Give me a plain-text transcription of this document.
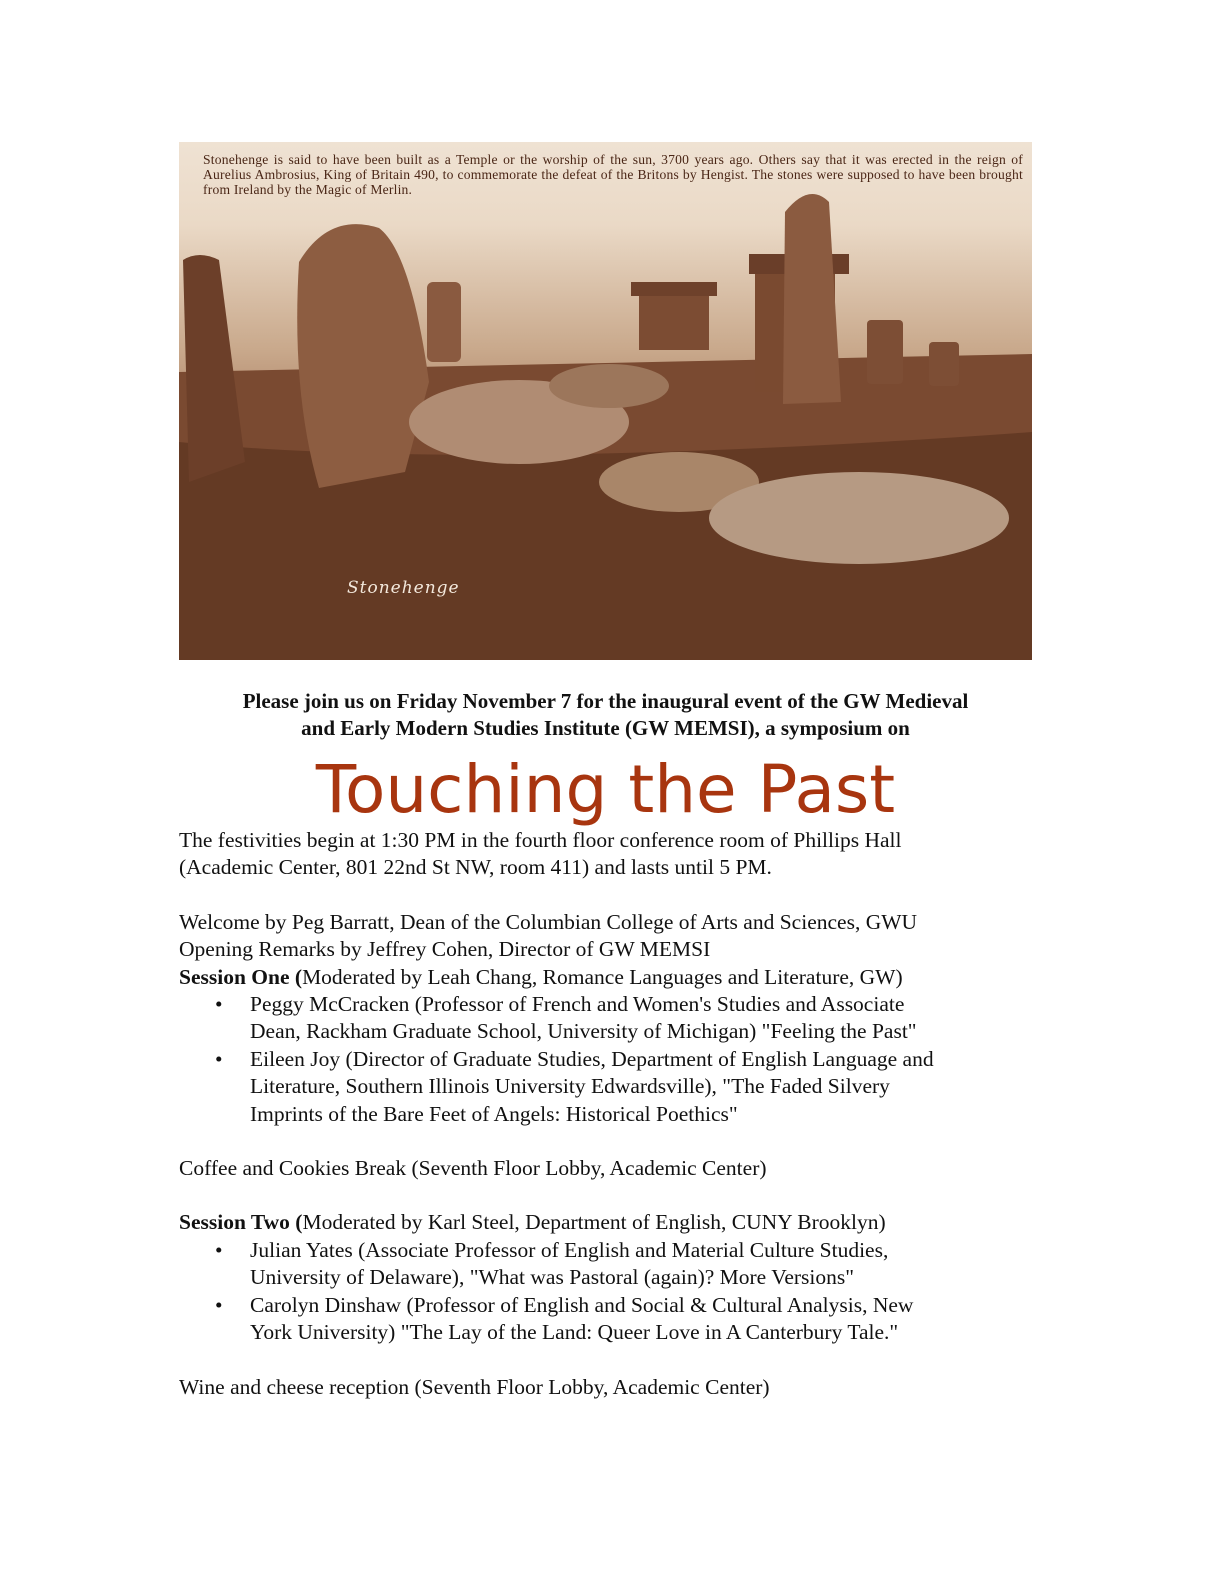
Stonehenge is said to have been built as a Temple or the worship of the sun, 3700 years ago. Others say that it was erected in the reign of Aurelius Ambrosius, King of Britain 490, to commemorate the defeat of the Britons by Hengist. The stones were supposed to have been brought from Ireland by the Magic of Merlin.
Stonehenge
Please join us on Friday November 7 for the inaugural event of the GW Medieval
and Early Modern Studies Institute (GW MEMSI), a symposium on
Touching the Past

The festivities begin at 1:30 PM in the fourth floor conference room of Phillips Hall

(Academic Center, 801 22nd St NW, room 411) and lasts until 5 PM.

Welcome by Peg Barratt, Dean of the Columbian College of Arts and Sciences, GWU

Opening Remarks by Jeffrey Cohen, Director of GW MEMSI

Session One (Moderated by Leah Chang, Romance Languages and Literature, GW)

• Peggy McCracken (Professor of French and Women's Studies and Associate
Dean, Rackham Graduate School, University of Michigan) "Feeling the Past"
• Eileen Joy (Director of Graduate Studies, Department of English Language and
Literature, Southern Illinois University Edwardsville), "The Faded Silvery
Imprints of the Bare Feet of Angels: Historical Poethics"

Coffee and Cookies Break (Seventh Floor Lobby, Academic Center)

Session Two (Moderated by Karl Steel, Department of English, CUNY Brooklyn)

• Julian Yates (Associate Professor of English and Material Culture Studies,
University of Delaware), "What was Pastoral (again)? More Versions"
• Carolyn Dinshaw (Professor of English and Social & Cultural Analysis, New
York University) "The Lay of the Land: Queer Love in A Canterbury Tale."

Wine and cheese reception (Seventh Floor Lobby, Academic Center)
